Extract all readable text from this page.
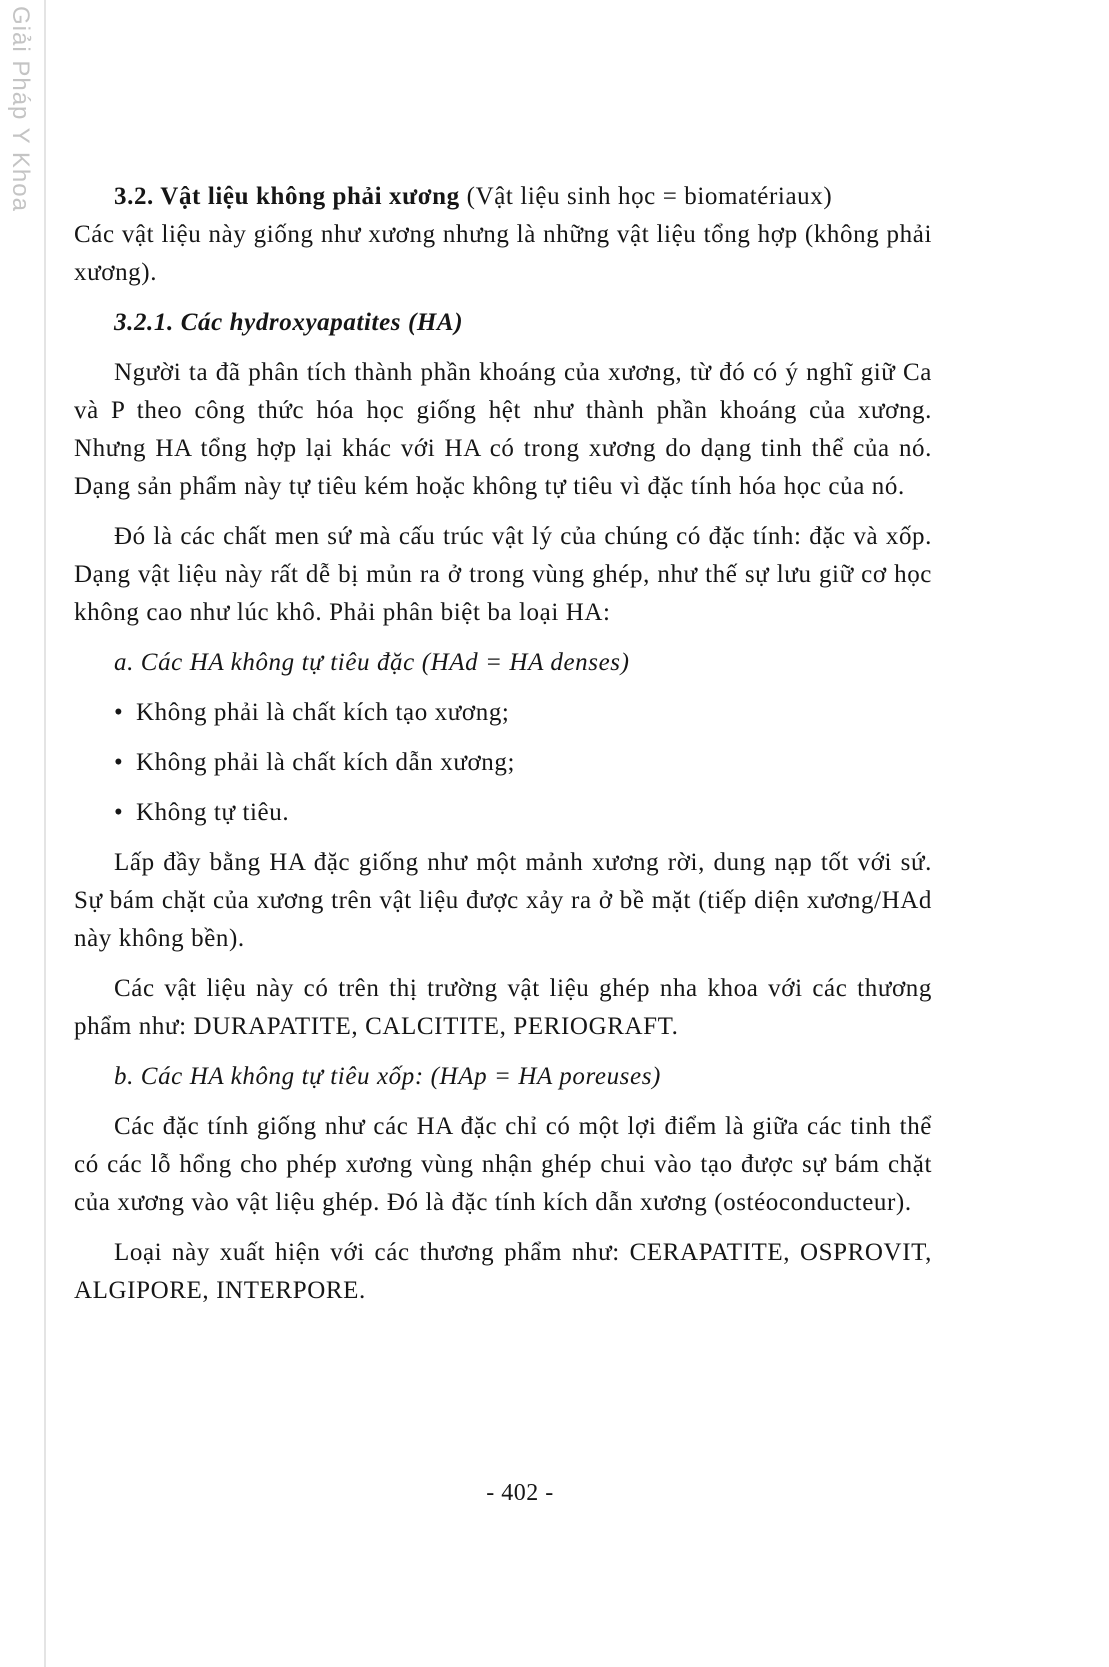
Giải Pháp Y Khoa	3.2. Vật liệu không phải xương (Vật liệu sinh học = biomatériaux)

Các vật liệu này giống như xương nhưng là những vật liệu tổng hợp (không phải xương).

3.2.1. Các hydroxyapatites (HA)

Người ta đã phân tích thành phần khoáng của xương, từ đó có ý nghĩ giữ Ca và P theo công thức hóa học giống hệt như thành phần khoáng của xương. Nhưng HA tổng hợp lại khác với HA có trong xương do dạng tinh thể của nó. Dạng sản phẩm này tự tiêu kém hoặc không tự tiêu vì đặc tính hóa học của nó.

Đó là các chất men sứ mà cấu trúc vật lý của chúng có đặc tính: đặc và xốp. Dạng vật liệu này rất dễ bị mủn ra ở trong vùng ghép, như thế sự lưu giữ cơ học không cao như lúc khô. Phải phân biệt ba loại HA:

a. Các HA không tự tiêu đặc (HAd = HA denses)

• Không phải là chất kích tạo xương;
• Không phải là chất kích dẫn xương;
• Không tự tiêu.

Lấp đầy bằng HA đặc giống như một mảnh xương rời, dung nạp tốt với sứ. Sự bám chặt của xương trên vật liệu được xảy ra ở bề mặt (tiếp diện xương/HAd này không bền).

Các vật liệu này có trên thị trường vật liệu ghép nha khoa với các thương phẩm như: DURAPATITE, CALCITITE, PERIOGRAFT.

b. Các HA không tự tiêu xốp: (HAp = HA poreuses)

Các đặc tính giống như các HA đặc chỉ có một lợi điểm là giữa các tinh thể có các lỗ hổng cho phép xương vùng nhận ghép chui vào tạo được sự bám chặt của xương vào vật liệu ghép. Đó là đặc tính kích dẫn xương (ostéoconducteur).

Loại này xuất hiện với các thương phẩm như: CERAPATITE, OSPROVIT, ALGIPORE, INTERPORE.

- 402 -
